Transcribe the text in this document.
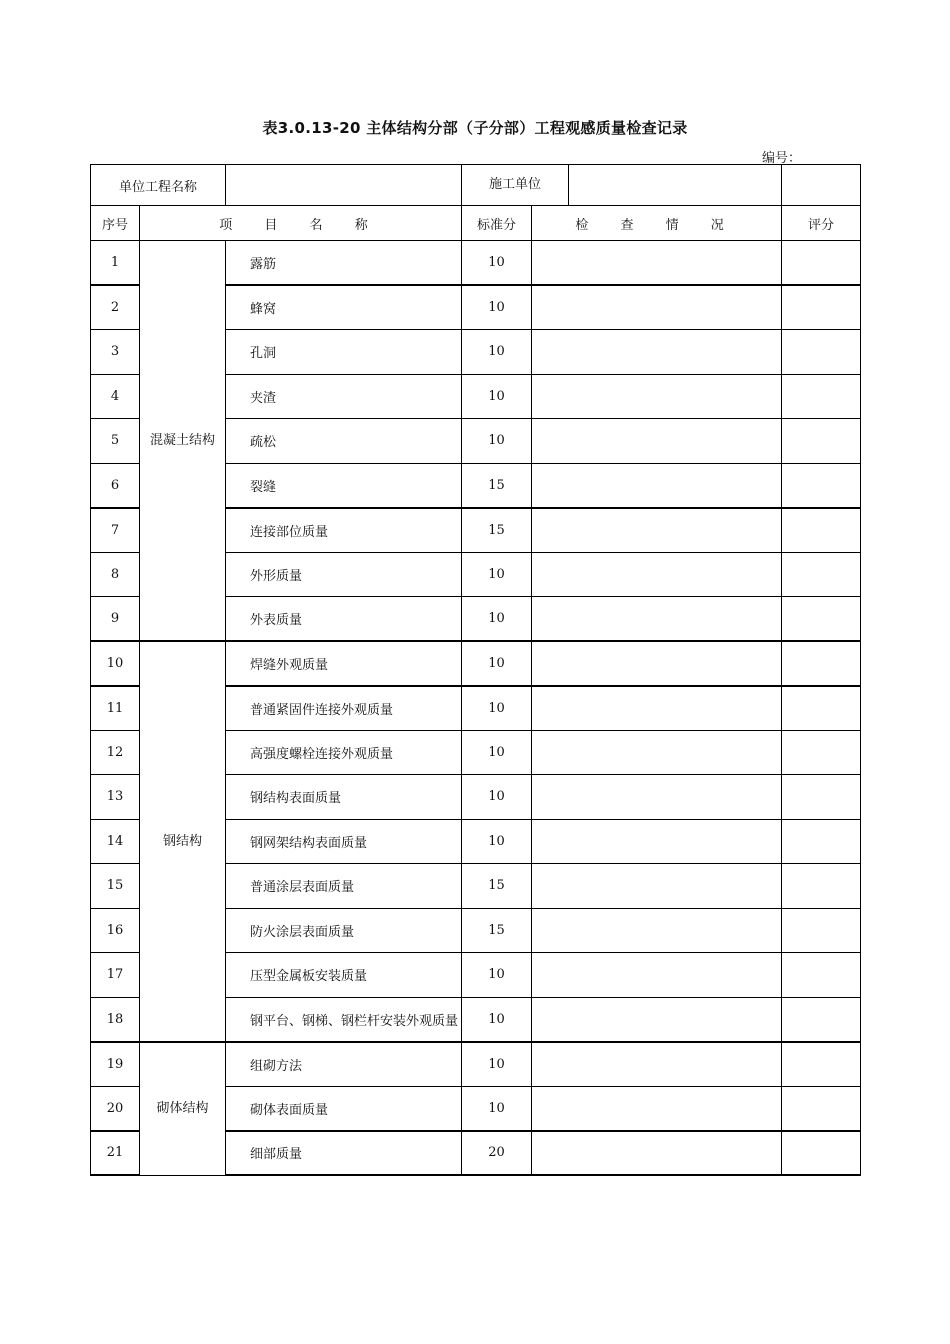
表3.0.13-20 主体结构分部（子分部）工程观感质量检查记录
编号：
单位工程名称			施工单位		

序号	项 目 名 称		标准分	检 查 情 况	评分
1	混凝土结构	露筋	10		
2		蜂窝	10		
3		孔洞	10		
4		夹渣	10		
5		疏松	10		
6		裂缝	15		
7		连接部位质量	15		
8		外形质量	10		
9		外表质量	10		
10	钢结构	焊缝外观质量	10		
11		普通紧固件连接外观质量	10		
12		高强度螺栓连接外观质量	10		
13		钢结构表面质量	10		
14		钢网架结构表面质量	10		
15		普通涂层表面质量	15		
16		防火涂层表面质量	15		
17		压型金属板安装质量	10		
18		钢平台、钢梯、钢栏杆安装外观质量	10		
19	砌体结构	组砌方法	10		
20		砌体表面质量	10		
21		细部质量	20		
